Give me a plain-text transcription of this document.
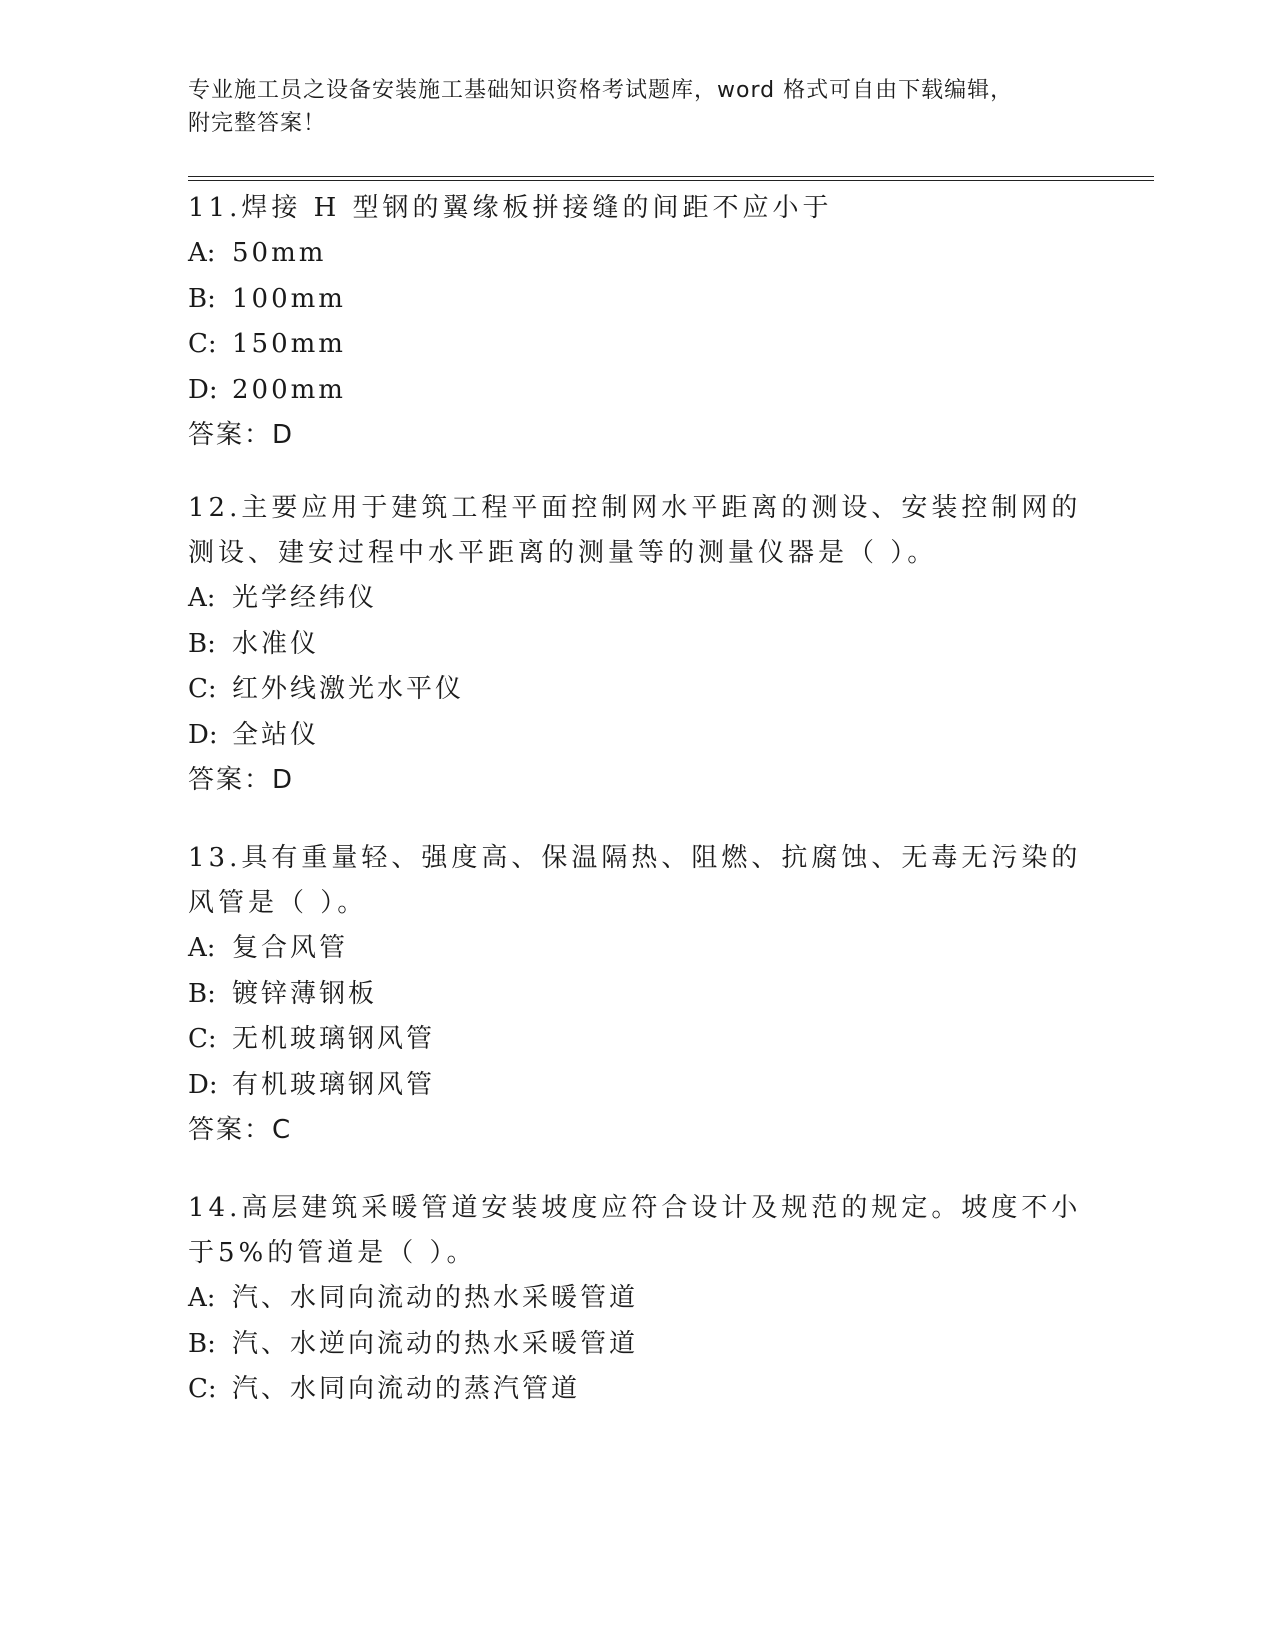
专业施工员之设备安装施工基础知识资格考试题库，word 格式可自由下载编辑，
附完整答案！

11.焊接 H 型钢的翼缘板拼接缝的间距不应小于

A: 50mm

B: 100mm

C: 150mm

D: 200mm

答案：D

12.主要应用于建筑工程平面控制网水平距离的测设、安装控制网的测设、建安过程中水平距离的测量等的测量仪器是（ ）。

A: 光学经纬仪

B: 水准仪

C: 红外线激光水平仪

D: 全站仪

答案：D

13.具有重量轻、强度高、保温隔热、阻燃、抗腐蚀、无毒无污染的风管是（ ）。

A: 复合风管

B: 镀锌薄钢板

C: 无机玻璃钢风管

D: 有机玻璃钢风管

答案：C

14.高层建筑采暖管道安装坡度应符合设计及规范的规定。坡度不小于5%的管道是（ ）。

A: 汽、水同向流动的热水采暖管道

B: 汽、水逆向流动的热水采暖管道

C: 汽、水同向流动的蒸汽管道
